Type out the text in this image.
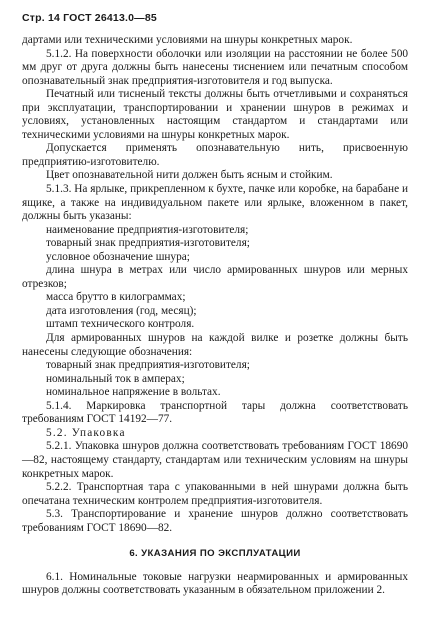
Стр. 14 ГОСТ 26413.0—85

дартами или техническими условиями на шнуры конкретных марок.

5.1.2. На поверхности оболочки или изоляции на расстоянии не более 500 мм друг от друга должны быть нанесены тиснением или печатным способом опознавательный знак предприятия-изготовителя и год выпуска.

Печатный или тисненый тексты должны быть отчетливыми и сохраняться при эксплуатации, транспортировании и хранении шнуров в режимах и условиях, установленных настоящим стандартом и стандартами или техническими условиями на шнуры конкретных марок.

Допускается применять опознавательную нить, присвоенную предприятию-изготовителю.

Цвет опознавательной нити должен быть ясным и стойким.

5.1.3. На ярлыке, прикрепленном к бухте, пачке или коробке, на барабане и ящике, а также на индивидуальном пакете или ярлыке, вложенном в пакет, должны быть указаны:

наименование предприятия-изготовителя;

товарный знак предприятия-изготовителя;

условное обозначение шнура;

длина шнура в метрах или число армированных шнуров или мерных отрезков;

масса брутто в килограммах;

дата изготовления (год, месяц);

штамп технического контроля.

Для армированных шнуров на каждой вилке и розетке должны быть нанесены следующие обозначения:

товарный знак предприятия-изготовителя;

номинальный ток в амперах;

номинальное напряжение в вольтах.

5.1.4. Маркировка транспортной тары должна соответствовать требованиям ГОСТ 14192—77.

5.2. Упаковка

5.2.1. Упаковка шнуров должна соответствовать требованиям ГОСТ 18690—82, настоящему стандарту, стандартам или техническим условиям на шнуры конкретных марок.

5.2.2. Транспортная тара с упакованными в ней шнурами должна быть опечатана техническим контролем предприятия-изготовителя.

5.3. Транспортирование и хранение шнуров должно соответствовать требованиям ГОСТ 18690—82.

6. УКАЗАНИЯ ПО ЭКСПЛУАТАЦИИ

6.1. Номинальные токовые нагрузки неармированных и армированных шнуров должны соответствовать указанным в обязательном приложении 2.
